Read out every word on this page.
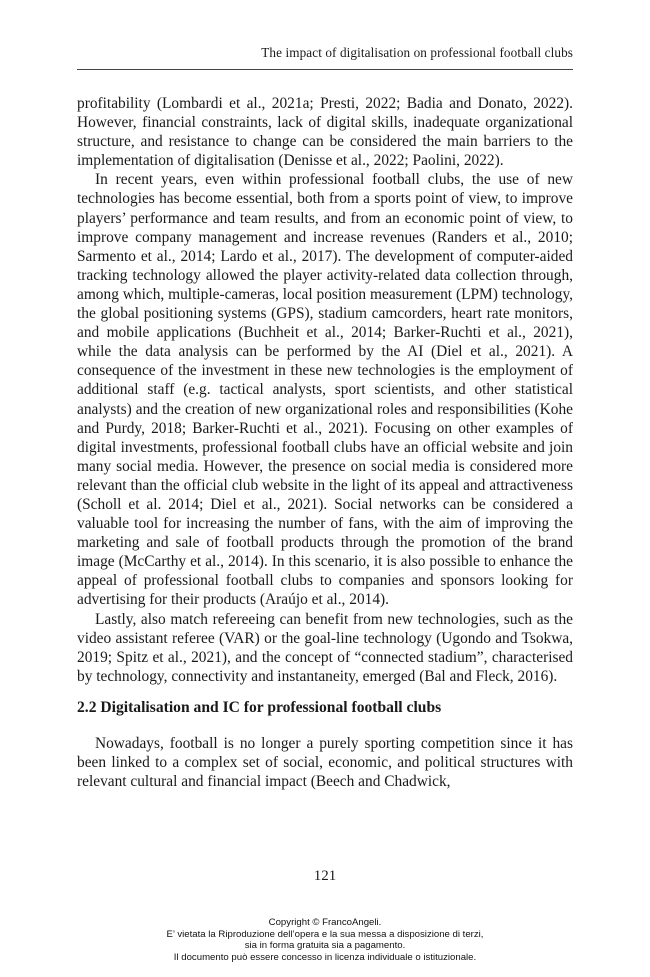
The impact of digitalisation on professional football clubs

profitability (Lombardi et al., 2021a; Presti, 2022; Badia and Donato, 2022). However, financial constraints, lack of digital skills, inadequate organizational structure, and resistance to change can be considered the main barriers to the implementation of digitalisation (Denisse et al., 2022; Paolini, 2022).

In recent years, even within professional football clubs, the use of new technologies has become essential, both from a sports point of view, to improve players’ performance and team results, and from an economic point of view, to improve company management and increase revenues (Randers et al., 2010; Sarmento et al., 2014; Lardo et al., 2017). The development of computer-aided tracking technology allowed the player activity-related data collection through, among which, multiple-cameras, local position measurement (LPM) technology, the global positioning systems (GPS), stadium camcorders, heart rate monitors, and mobile applications (Buchheit et al., 2014; Barker-Ruchti et al., 2021), while the data analysis can be performed by the AI (Diel et al., 2021). A consequence of the investment in these new technologies is the employment of additional staff (e.g. tactical analysts, sport scientists, and other statistical analysts) and the creation of new organizational roles and responsibilities (Kohe and Purdy, 2018; Barker-Ruchti et al., 2021). Focusing on other examples of digital investments, professional football clubs have an official website and join many social media. However, the presence on social media is considered more relevant than the official club website in the light of its appeal and attractiveness (Scholl et al. 2014; Diel et al., 2021). Social networks can be considered a valuable tool for increasing the number of fans, with the aim of improving the marketing and sale of football products through the promotion of the brand image (McCarthy et al., 2014). In this scenario, it is also possible to enhance the appeal of professional football clubs to companies and sponsors looking for advertising for their products (Araújo et al., 2014).

Lastly, also match refereeing can benefit from new technologies, such as the video assistant referee (VAR) or the goal-line technology (Ugondo and Tsokwa, 2019; Spitz et al., 2021), and the concept of “connected stadium”, characterised by technology, connectivity and instantaneity, emerged (Bal and Fleck, 2016).

2.2 Digitalisation and IC for professional football clubs

Nowadays, football is no longer a purely sporting competition since it has been linked to a complex set of social, economic, and political structures with relevant cultural and financial impact (Beech and Chadwick,

121
Copyright © FrancoAngeli.
E’ vietata la Riproduzione dell’opera e la sua messa a disposizione di terzi,
sia in forma gratuita sia a pagamento.
Il documento può essere concesso in licenza individuale o istituzionale.
